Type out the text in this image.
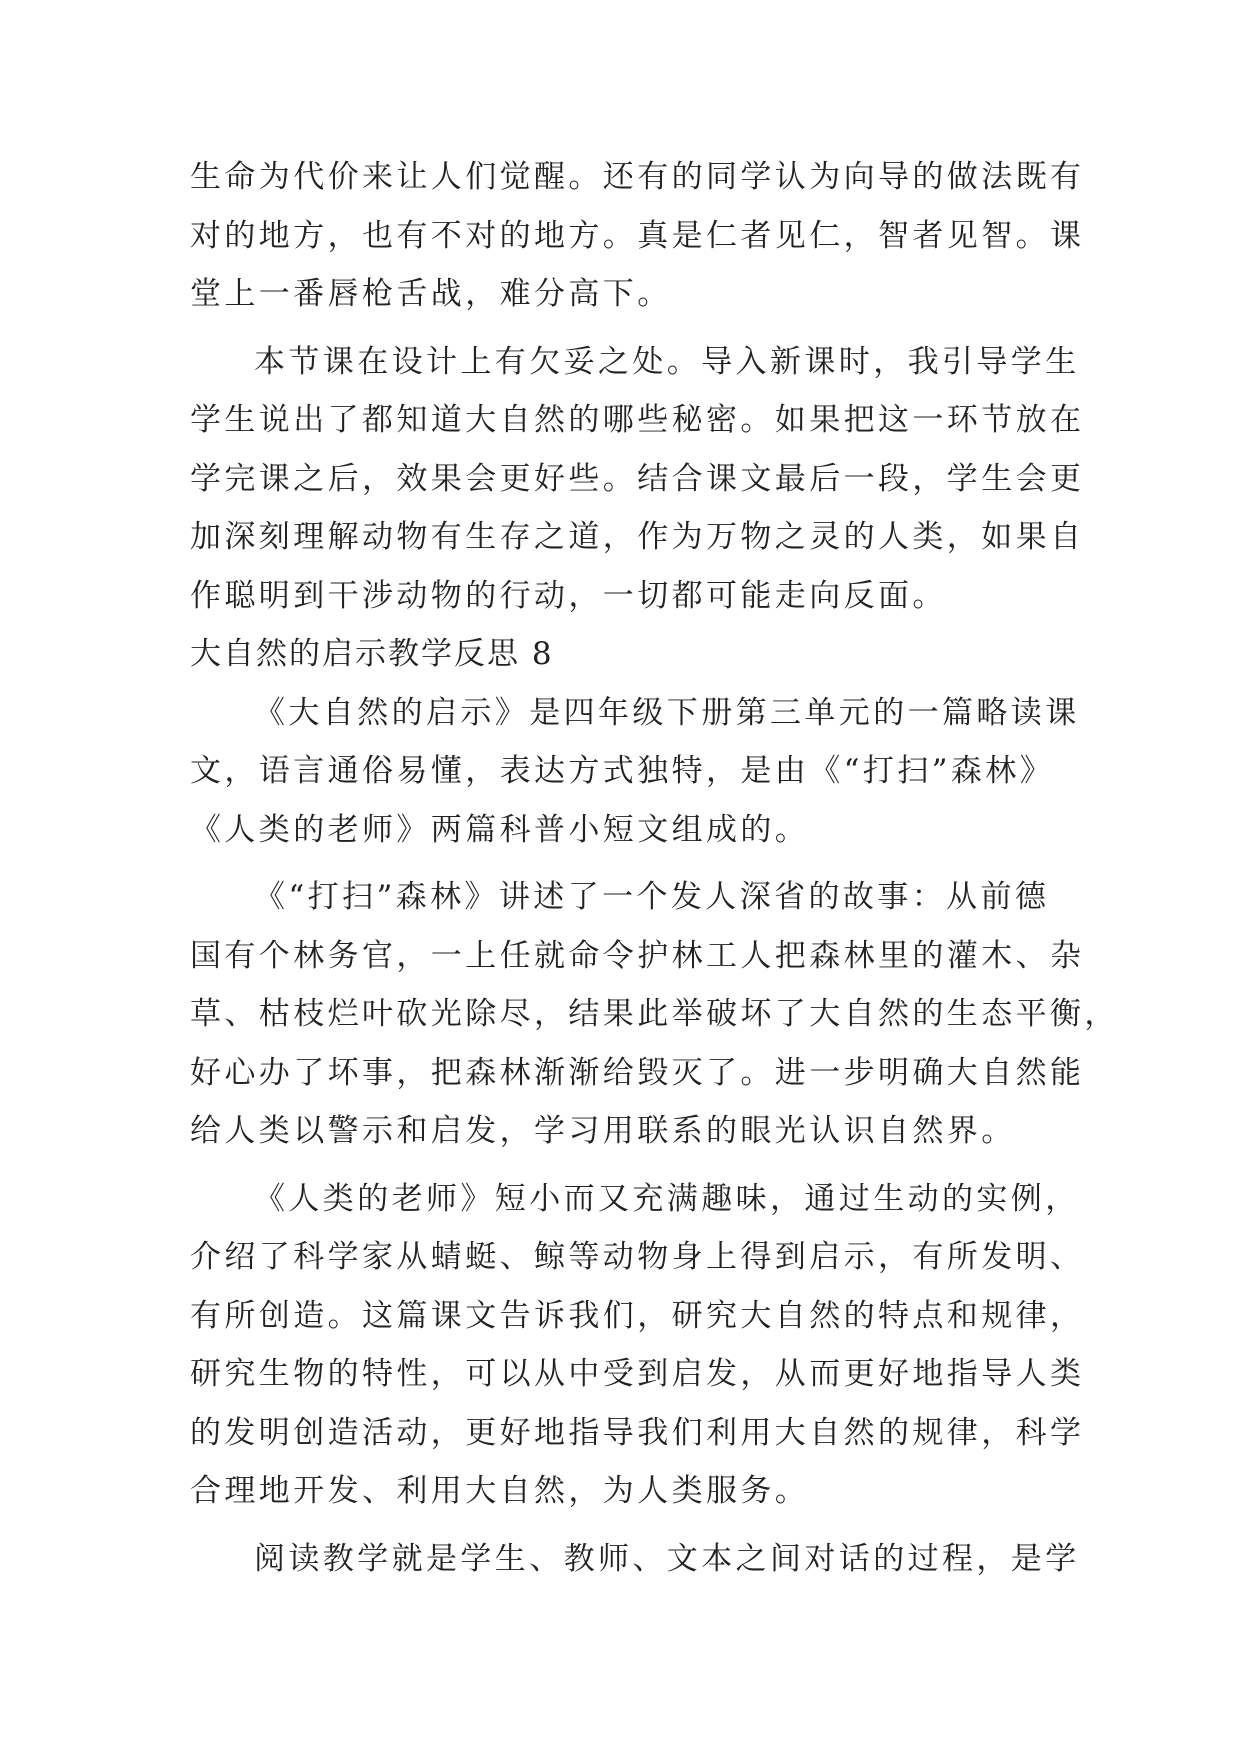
生命为代价来让人们觉醒。还有的同学认为向导的做法既有
对的地方，也有不对的地方。真是仁者见仁，智者见智。课
堂上一番唇枪舌战，难分高下。
本节课在设计上有欠妥之处。导入新课时，我引导学生
学生说出了都知道大自然的哪些秘密。如果把这一环节放在
学完课之后，效果会更好些。结合课文最后一段，学生会更
加深刻理解动物有生存之道，作为万物之灵的人类，如果自
作聪明到干涉动物的行动，一切都可能走向反面。
大自然的启示教学反思 8
《大自然的启示》是四年级下册第三单元的一篇略读课
文，语言通俗易懂，表达方式独特，是由《“打扫”森林》
《人类的老师》两篇科普小短文组成的。
《“打扫”森林》讲述了一个发人深省的故事：从前德
国有个林务官，一上任就命令护林工人把森林里的灌木、杂
草、枯枝烂叶砍光除尽，结果此举破坏了大自然的生态平衡，
好心办了坏事，把森林渐渐给毁灭了。进一步明确大自然能
给人类以警示和启发，学习用联系的眼光认识自然界。
《人类的老师》短小而又充满趣味，通过生动的实例，
介绍了科学家从蜻蜓、鲸等动物身上得到启示，有所发明、
有所创造。这篇课文告诉我们，研究大自然的特点和规律，
研究生物的特性，可以从中受到启发，从而更好地指导人类
的发明创造活动，更好地指导我们利用大自然的规律，科学
合理地开发、利用大自然，为人类服务。
阅读教学就是学生、教师、文本之间对话的过程，是学
